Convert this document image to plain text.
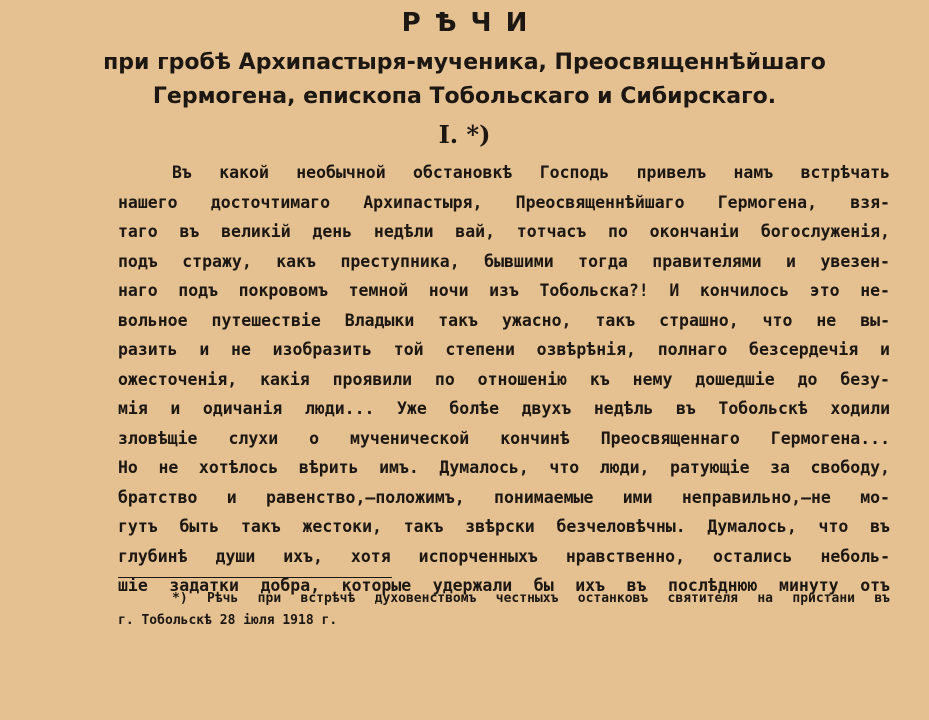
РѢЧИ
при гробѣ Архипастыря-мученика, Преосвященнѣйшаго
Гермогена, епископа Тобольскаго и Сибирскаго.
I. *)
Въ какой необычной обстановкѣ Господь привелъ намъ встрѣчать
нашего досточтимаго Архипастыря, Преосвященнѣйшаго Гермогена, взя-
таго въ великій день недѣли вай, тотчасъ по окончаніи богослуженія,
подъ стражу, какъ преступника, бывшими тогда правителями и увезен-
наго подъ покровомъ темной ночи изъ Тобольска?! И кончилось это не-
вольное путешествіе Владыки такъ ужасно, такъ страшно, что не вы-
разить и не изобразить той степени озвѣрѣнія, полнаго безсердечія и
ожесточенія, какія проявили по отношенію къ нему дошедшіе до безу-
мія и одичанія люди... Уже болѣе двухъ недѣль въ Тобольскѣ ходили
зловѣщіе слухи о мученической кончинѣ Преосвященнаго Гермогена...
Но не хотѣлось вѣрить имъ. Думалось, что люди, ратующіе за свободу,
братство и равенство,—положимъ, понимаемые ими неправильно,—не мо-
гутъ быть такъ жестоки, такъ звѣрски безчеловѣчны. Думалось, что въ
глубинѣ души ихъ, хотя испорченныхъ нравственно, остались неболь-
шіе задатки добра, которые удержали бы ихъ въ послѣднюю минуту отъ
*) Рѣчь при встрѣчѣ духовенствомъ честныхъ останковъ святителя на пристани въ
г. Тобольскѣ 28 іюля 1918 г.
